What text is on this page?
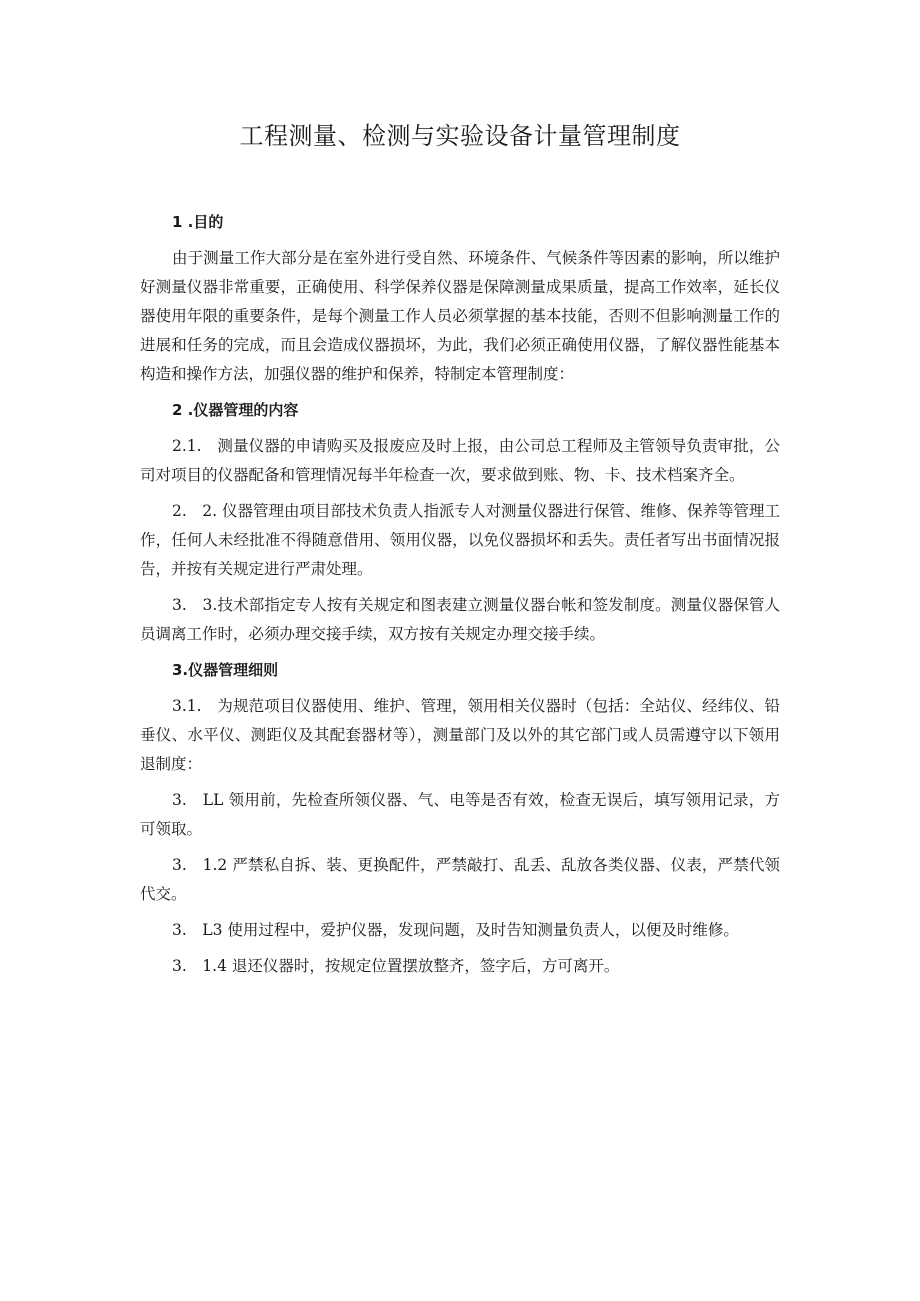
工程测量、检测与实验设备计量管理制度
1 .目的

由于测量工作大部分是在室外进行受自然、环境条件、气候条件等因素的影响，所以维护好测量仪器非常重要，正确使用、科学保养仪器是保障测量成果质量，提高工作效率，延长仪器使用年限的重要条件，是每个测量工作人员必须掌握的基本技能，否则不但影响测量工作的进展和任务的完成，而且会造成仪器损坏，为此，我们必须正确使用仪器，了解仪器性能基本构造和操作方法，加强仪器的维护和保养，特制定本管理制度：

2 .仪器管理的内容

2.1.　测量仪器的申请购买及报废应及时上报，由公司总工程师及主管领导负责审批，公司对项目的仪器配备和管理情况每半年检查一次，要求做到账、物、卡、技术档案齐全。

2.　2. 仪器管理由项目部技术负责人指派专人对测量仪器进行保管、维修、保养等管理工作，任何人未经批准不得随意借用、领用仪器，以免仪器损坏和丢失。责任者写出书面情况报告，并按有关规定进行严肃处理。

3.　3.技术部指定专人按有关规定和图表建立测量仪器台帐和签发制度。测量仪器保管人员调离工作时，必须办理交接手续，双方按有关规定办理交接手续。

3.仪器管理细则

3.1.　为规范项目仪器使用、维护、管理，领用相关仪器时（包括：全站仪、经纬仪、铅垂仪、水平仪、测距仪及其配套器材等），测量部门及以外的其它部门或人员需遵守以下领用退制度：

3.　LL 领用前，先检查所领仪器、气、电等是否有效，检查无误后，填写领用记录，方可领取。

3.　1.2 严禁私自拆、装、更换配件，严禁敲打、乱丢、乱放各类仪器、仪表，严禁代领代交。

3.　L3 使用过程中，爱护仪器，发现问题，及时告知测量负责人，以便及时维修。

3.　1.4 退还仪器时，按规定位置摆放整齐，签字后，方可离开。
